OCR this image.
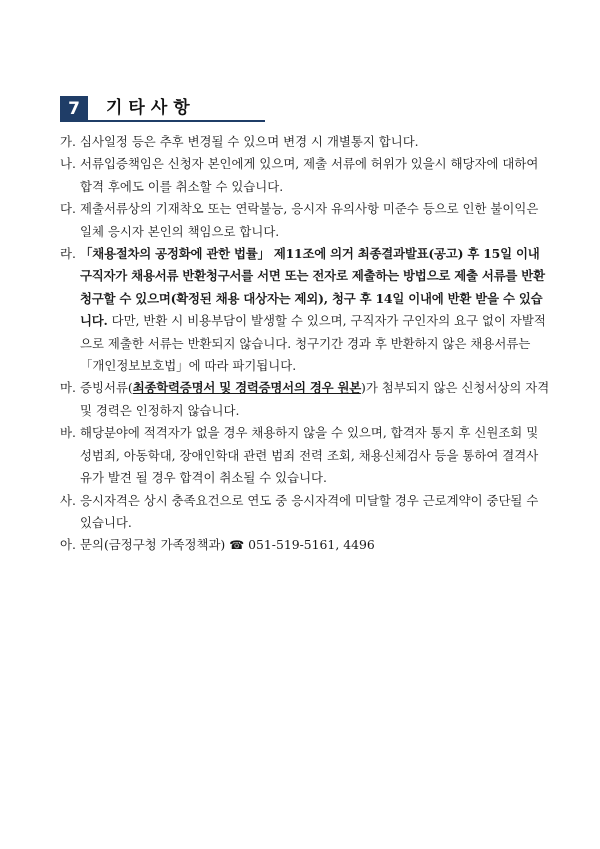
7	기타사항
가. 심사일정 등은 추후 변경될 수 있으며 변경 시 개별통지 합니다.
나. 서류입증책임은 신청자 본인에게 있으며, 제출 서류에 허위가 있을시 해당자에 대하여 합격 후에도 이를 취소할 수 있습니다.
다. 제출서류상의 기재착오 또는 연락불능, 응시자 유의사항 미준수 등으로 인한 불이익은 일체 응시자 본인의 책임으로 합니다.
라. 「채용절차의 공정화에 관한 법률」 제11조에 의거 최종결과발표(공고) 후 15일 이내 구직자가 채용서류 반환청구서를 서면 또는 전자로 제출하는 방법으로 제출 서류를 반환 청구할 수 있으며(확정된 채용 대상자는 제외), 청구 후 14일 이내에 반환 받을 수 있습니다. 다만, 반환 시 비용부담이 발생할 수 있으며, 구직자가 구인자의 요구 없이 자발적으로 제출한 서류는 반환되지 않습니다. 청구기간 경과 후 반환하지 않은 채용서류는 「개인정보보호법」에 따라 파기됩니다.
마. 증빙서류(최종학력증명서 및 경력증명서의 경우 원본)가 첨부되지 않은 신청서상의 자격 및 경력은 인정하지 않습니다.
바. 해당분야에 적격자가 없을 경우 채용하지 않을 수 있으며, 합격자 통지 후 신원조회 및 성범죄, 아동학대, 장애인학대 관련 범죄 전력 조회, 채용신체검사 등을 통하여 결격사유가 발견 될 경우 합격이 취소될 수 있습니다.
사. 응시자격은 상시 충족요건으로 연도 중 응시자격에 미달할 경우 근로계약이 중단될 수 있습니다.
아. 문의(금정구청 가족정책과) ☎ 051-519-5161, 4496
